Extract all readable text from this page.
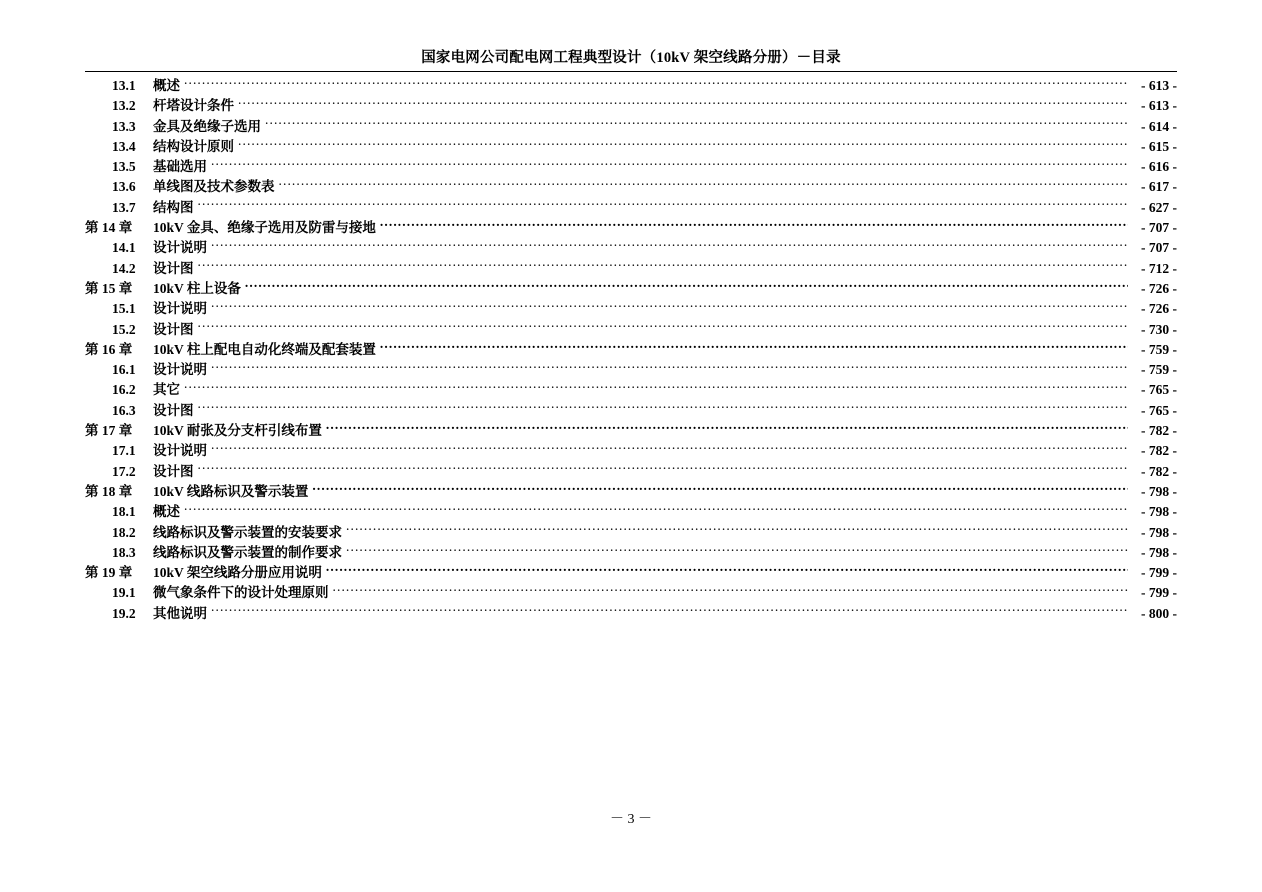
国家电网公司配电网工程典型设计（10kV 架空线路分册）－目录
13.1	概述 .....	- 613 -
13.2	杆塔设计条件 .....	- 613 -
13.3	金具及绝缘子选用 .....	- 614 -
13.4	结构设计原则 .....	- 615 -
13.5	基础选用 .....	- 616 -
13.6	单线图及技术参数表 .....	- 617 -
13.7	结构图 .....	- 627 -
第 14 章	10kV 金具、绝缘子选用及防雷与接地 .....	- 707 -
14.1	设计说明 .....	- 707 -
14.2	设计图 .....	- 712 -
第 15 章	10kV 柱上设备 .....	- 726 -
15.1	设计说明 .....	- 726 -
15.2	设计图 .....	- 730 -
第 16 章	10kV 柱上配电自动化终端及配套装置 .....	- 759 -
16.1	设计说明 .....	- 759 -
16.2	其它 .....	- 765 -
16.3	设计图 .....	- 765 -
第 17 章	10kV 耐张及分支杆引线布置 .....	- 782 -
17.1	设计说明 .....	- 782 -
17.2	设计图 .....	- 782 -
第 18 章	10kV 线路标识及警示装置 .....	- 798 -
18.1	概述 .....	- 798 -
18.2	线路标识及警示装置的安装要求 .....	- 798 -
18.3	线路标识及警示装置的制作要求 .....	- 798 -
第 19 章	10kV 架空线路分册应用说明 .....	- 799 -
19.1	微气象条件下的设计处理原则 .....	- 799 -
19.2	其他说明 .....	- 800 -
－ 3 －
